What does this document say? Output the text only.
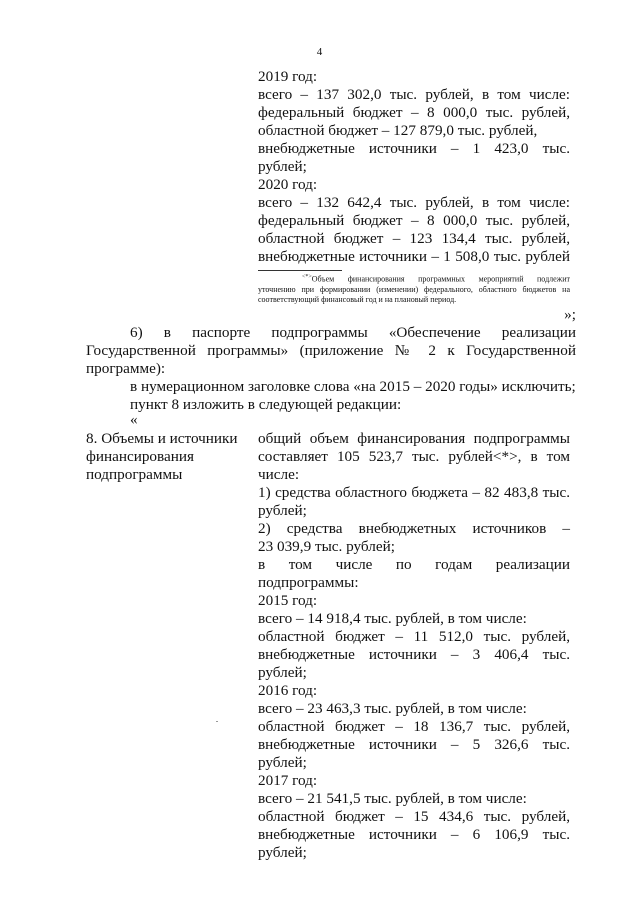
4
2019 год:
всего – 137 302,0 тыс. рублей, в том числе:
федеральный бюджет – 8 000,0 тыс. рублей,
областной бюджет – 127 879,0 тыс. рублей,
внебюджетные источники – 1 423,0 тыс.
рублей;
2020 год:
всего – 132 642,4 тыс. рублей, в том числе:
федеральный бюджет – 8 000,0 тыс. рублей,
областной бюджет – 123 134,4 тыс. рублей,
внебюджетные источники – 1 508,0 тыс. рублей
<*>Объем финансирования программных мероприятий подлежит
уточнению при формировании (изменении) федерального, областного бюджетов на
соответствующий финансовый год и на плановый период.
»;
6) в паспорте подпрограммы «Обеспечение реализации
Государственной программы» (приложение № 2 к Государственной
программе):
в нумерационном заголовке слова «на 2015 – 2020 годы» исключить;
пункт 8 изложить в следующей редакции:
«
8. Объемы и источники
финансирования
подпрограммы
общий объем финансирования подпрограммы
составляет 105 523,7 тыс. рублей<*>, в том
числе:
1) средства областного бюджета – 82 483,8 тыс.
рублей;
2) средства внебюджетных источников –
23 039,9 тыс. рублей;
в том числе по годам реализации
подпрограммы:
2015 год:
всего – 14 918,4 тыс. рублей, в том числе:
областной бюджет – 11 512,0 тыс. рублей,
внебюджетные источники – 3 406,4 тыс.
рублей;
2016 год:
всего – 23 463,3 тыс. рублей, в том числе:
областной бюджет – 18 136,7 тыс. рублей,
внебюджетные источники – 5 326,6 тыс.
рублей;
2017 год:
всего – 21 541,5 тыс. рублей, в том числе:
областной бюджет – 15 434,6 тыс. рублей,
внебюджетные источники – 6 106,9 тыс.
рублей;
